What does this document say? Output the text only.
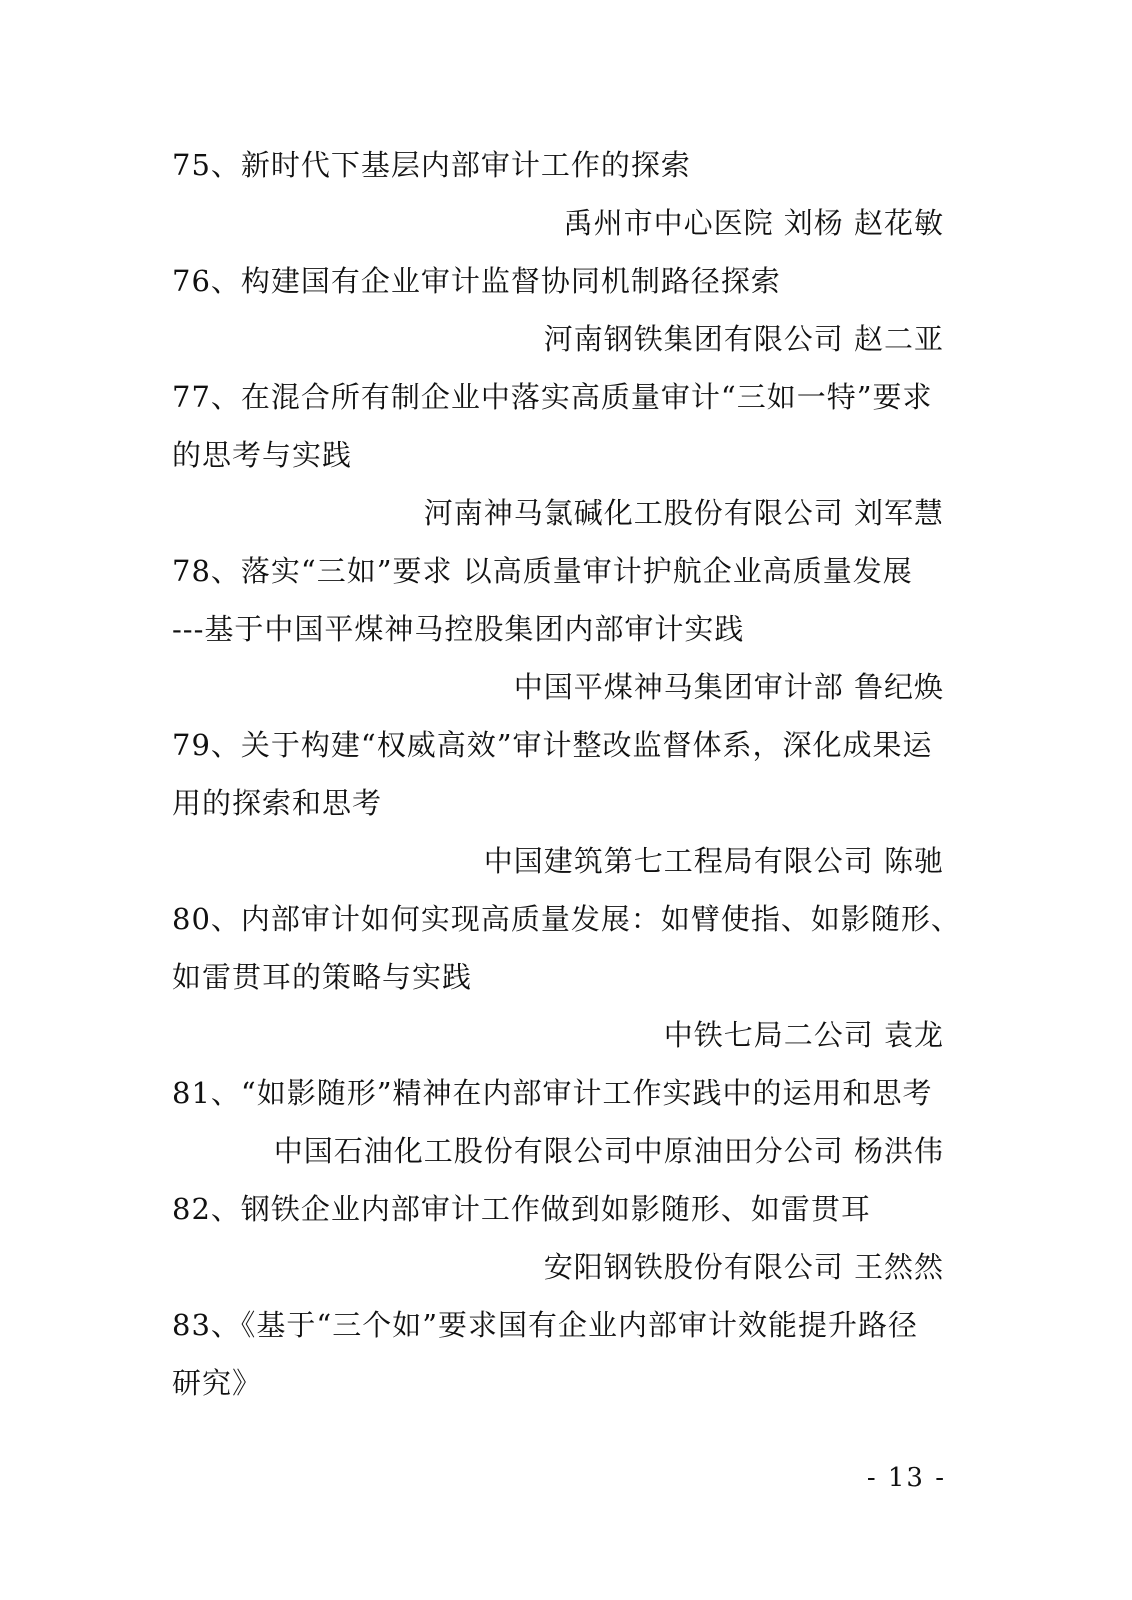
75、新时代下基层内部审计工作的探索
禹州市中心医院 刘杨 赵花敏
76、构建国有企业审计监督协同机制路径探索
河南钢铁集团有限公司 赵二亚
77、在混合所有制企业中落实高质量审计“三如一特”要求
的思考与实践
河南神马氯碱化工股份有限公司 刘军慧
78、落实“三如”要求 以高质量审计护航企业高质量发展
---基于中国平煤神马控股集团内部审计实践
中国平煤神马集团审计部 鲁纪焕
79、关于构建“权威高效”审计整改监督体系，深化成果运
用的探索和思考
中国建筑第七工程局有限公司 陈驰
80、内部审计如何实现高质量发展：如臂使指、如影随形、
如雷贯耳的策略与实践
中铁七局二公司 袁龙
81、“如影随形”精神在内部审计工作实践中的运用和思考
中国石油化工股份有限公司中原油田分公司 杨洪伟
82、钢铁企业内部审计工作做到如影随形、如雷贯耳
安阳钢铁股份有限公司 王然然
83、《基于“三个如”要求国有企业内部审计效能提升路径
研究》
- 13 -
